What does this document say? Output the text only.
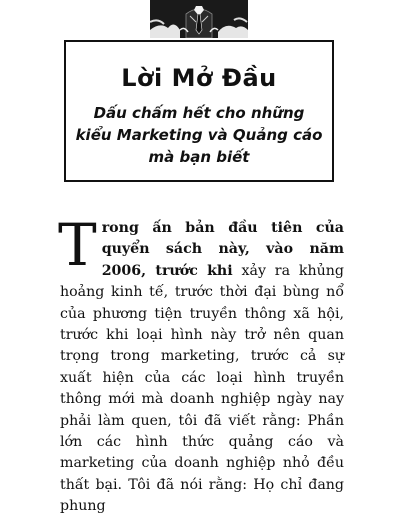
Lời Mở Đầu
Dấu chấm hết cho những
kiểu Marketing và Quảng cáo
mà bạn biết
Trong ấn bản đầu tiên của quyển sách này, vào năm 2006, trước khi xảy ra khủng hoảng kinh tế, trước thời đại bùng nổ của phương tiện truyền thông xã hội, trước khi loại hình này trở nên quan trọng trong marketing, trước cả sự xuất hiện của các loại hình truyền thông mới mà doanh nghiệp ngày nay phải làm quen, tôi đã viết rằng: Phần lớn các hình thức quảng cáo và marketing của doanh nghiệp nhỏ đều thất bại. Tôi đã nói rằng: Họ chỉ đang phung
